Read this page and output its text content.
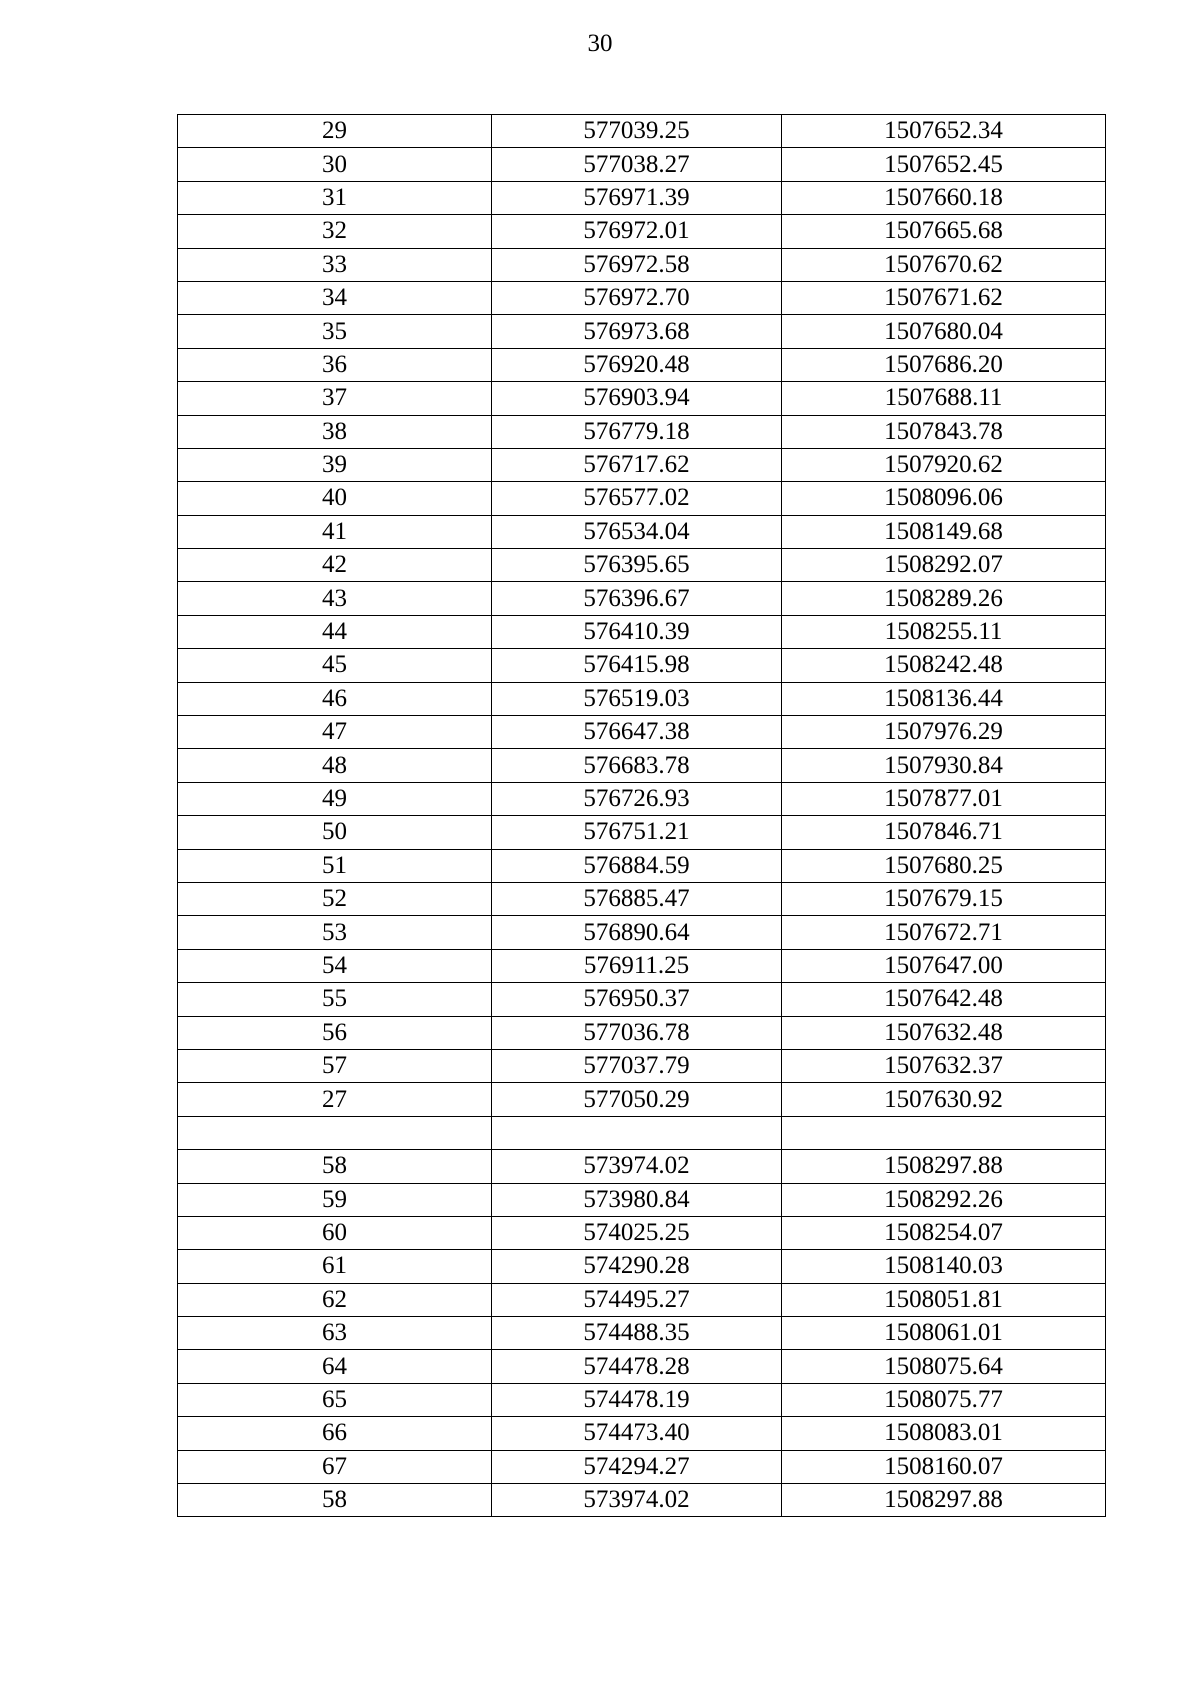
30
29	577039.25	1507652.34
30	577038.27	1507652.45
31	576971.39	1507660.18
32	576972.01	1507665.68
33	576972.58	1507670.62
34	576972.70	1507671.62
35	576973.68	1507680.04
36	576920.48	1507686.20
37	576903.94	1507688.11
38	576779.18	1507843.78
39	576717.62	1507920.62
40	576577.02	1508096.06
41	576534.04	1508149.68
42	576395.65	1508292.07
43	576396.67	1508289.26
44	576410.39	1508255.11
45	576415.98	1508242.48
46	576519.03	1508136.44
47	576647.38	1507976.29
48	576683.78	1507930.84
49	576726.93	1507877.01
50	576751.21	1507846.71
51	576884.59	1507680.25
52	576885.47	1507679.15
53	576890.64	1507672.71
54	576911.25	1507647.00
55	576950.37	1507642.48
56	577036.78	1507632.48
57	577037.79	1507632.37
27	577050.29	1507630.92

58	573974.02	1508297.88
59	573980.84	1508292.26
60	574025.25	1508254.07
61	574290.28	1508140.03
62	574495.27	1508051.81
63	574488.35	1508061.01
64	574478.28	1508075.64
65	574478.19	1508075.77
66	574473.40	1508083.01
67	574294.27	1508160.07
58	573974.02	1508297.88
